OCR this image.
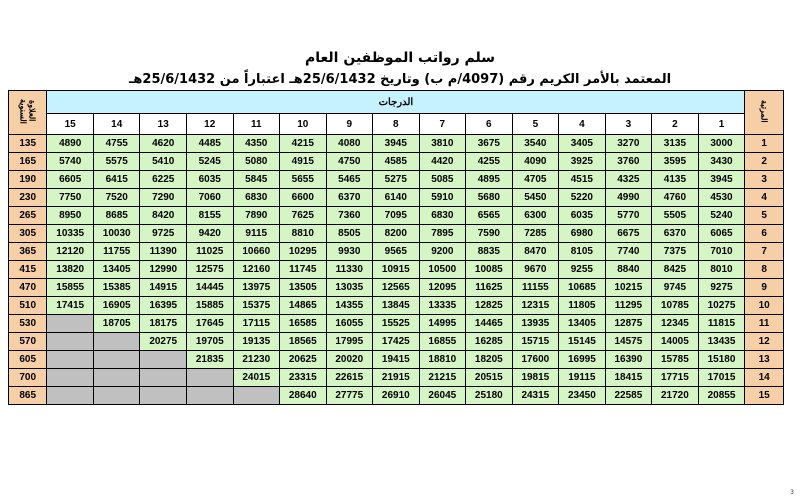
سلم رواتب الموظفين العام
المعتمد بالأمر الكريم رقم (4097/م ب) وتاريخ 25/6/1432هـ اعتباراً من 25/6/1432هـ
العلاوة السنوية	الدرجات															المرتبة
	15	14	13	12	11	10	9	8	7	6	5	4	3	2	1	
135	4890	4755	4620	4485	4350	4215	4080	3945	3810	3675	3540	3405	3270	3135	3000	1
165	5740	5575	5410	5245	5080	4915	4750	4585	4420	4255	4090	3925	3760	3595	3430	2
190	6605	6415	6225	6035	5845	5655	5465	5275	5085	4895	4705	4515	4325	4135	3945	3
230	7750	7520	7290	7060	6830	6600	6370	6140	5910	5680	5450	5220	4990	4760	4530	4
265	8950	8685	8420	8155	7890	7625	7360	7095	6830	6565	6300	6035	5770	5505	5240	5
305	10335	10030	9725	9420	9115	8810	8505	8200	7895	7590	7285	6980	6675	6370	6065	6
365	12120	11755	11390	11025	10660	10295	9930	9565	9200	8835	8470	8105	7740	7375	7010	7
415	13820	13405	12990	12575	12160	11745	11330	10915	10500	10085	9670	9255	8840	8425	8010	8
470	15855	15385	14915	14445	13975	13505	13035	12565	12095	11625	11155	10685	10215	9745	9275	9
510	17415	16905	16395	15885	15375	14865	14355	13845	13335	12825	12315	11805	11295	10785	10275	10
530		18705	18175	17645	17115	16585	16055	15525	14995	14465	13935	13405	12875	12345	11815	11
570			20275	19705	19135	18565	17995	17425	16855	16285	15715	15145	14575	14005	13435	12
605				21835	21230	20625	20020	19415	18810	18205	17600	16995	16390	15785	15180	13
700					24015	23315	22615	21915	21215	20515	19815	19115	18415	17715	17015	14
865						28640	27775	26910	26045	25180	24315	23450	22585	21720	20855	15
3
